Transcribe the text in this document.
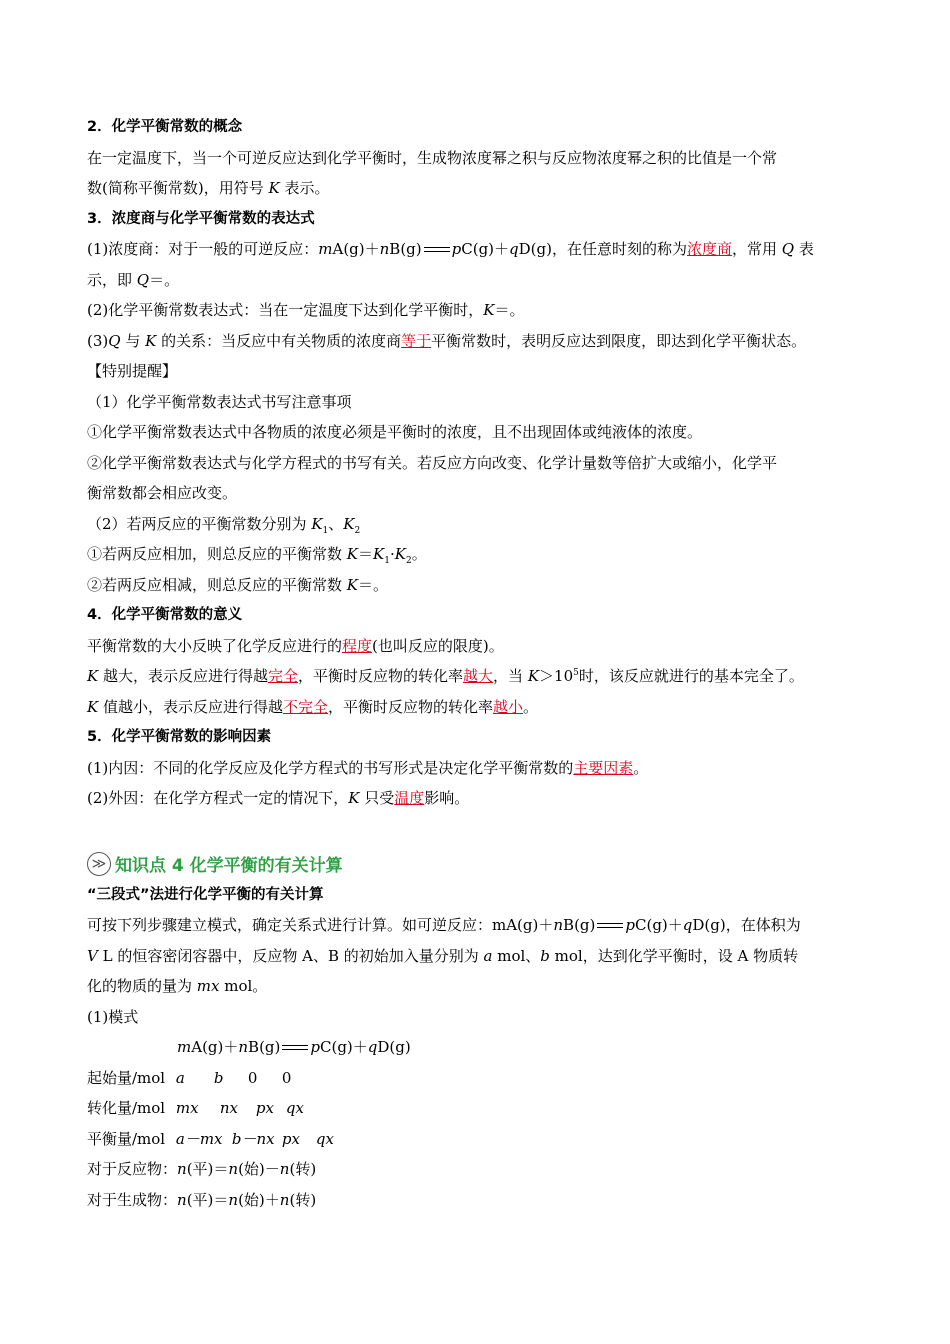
2．化学平衡常数的概念
在一定温度下，当一个可逆反应达到化学平衡时，生成物浓度幂之积与反应物浓度幂之积的比值是一个常
数(简称平衡常数)，用符号 K 表示。
3．浓度商与化学平衡常数的表达式
(1)浓度商：对于一般的可逆反应：mA(g)＋nB(g) pC(g)＋qD(g)，在任意时刻的称为浓度商，常用 Q 表
示，即 Q＝。
(2)化学平衡常数表达式：当在一定温度下达到化学平衡时，K＝。
(3)Q 与 K 的关系：当反应中有关物质的浓度商等于平衡常数时，表明反应达到限度，即达到化学平衡状态。
【特别提醒】
（1）化学平衡常数表达式书写注意事项
①化学平衡常数表达式中各物质的浓度必须是平衡时的浓度，且不出现固体或纯液体的浓度。
②化学平衡常数表达式与化学方程式的书写有关。若反应方向改变、化学计量数等倍扩大或缩小，化学平
衡常数都会相应改变。
（2）若两反应的平衡常数分别为 $K_1$、$K_2$
①若两反应相加，则总反应的平衡常数 $K=K_1\cdot K_2$。
②若两反应相减，则总反应的平衡常数 K＝。
4．化学平衡常数的意义
平衡常数的大小反映了化学反应进行的程度(也叫反应的限度)。
K 越大，表示反应进行得越完全，平衡时反应物的转化率越大，当 $K>10^5$时，该反应就进行的基本完全了。
K 值越小，表示反应进行得越不完全，平衡时反应物的转化率越小。
5．化学平衡常数的影响因素
(1)内因：不同的化学反应及化学方程式的书写形式是决定化学平衡常数的主要因素。
(2)外因：在化学方程式一定的情况下，K 只受温度影响。
≫ 知识点 4 化学平衡的有关计算
“三段式”法进行化学平衡的有关计算
可按下列步骤建立模式，确定关系式进行计算。如可逆反应：mA(g)＋nB(g) pC(g)＋qD(g)，在体积为
V L 的恒容密闭容器中，反应物 A、B 的初始加入量分别为 a mol、b mol，达到化学平衡时，设 A 物质转
化的物质的量为 mx mol。
(1)模式
mA(g)＋nB(g) pC(g)＋qD(g)
起始量/mol a b 0 0
转化量/mol mx nx px qx
平衡量/mol a－mx b－nx px qx
对于反应物：n(平)＝n(始)－n(转)
对于生成物：n(平)＝n(始)＋n(转)
